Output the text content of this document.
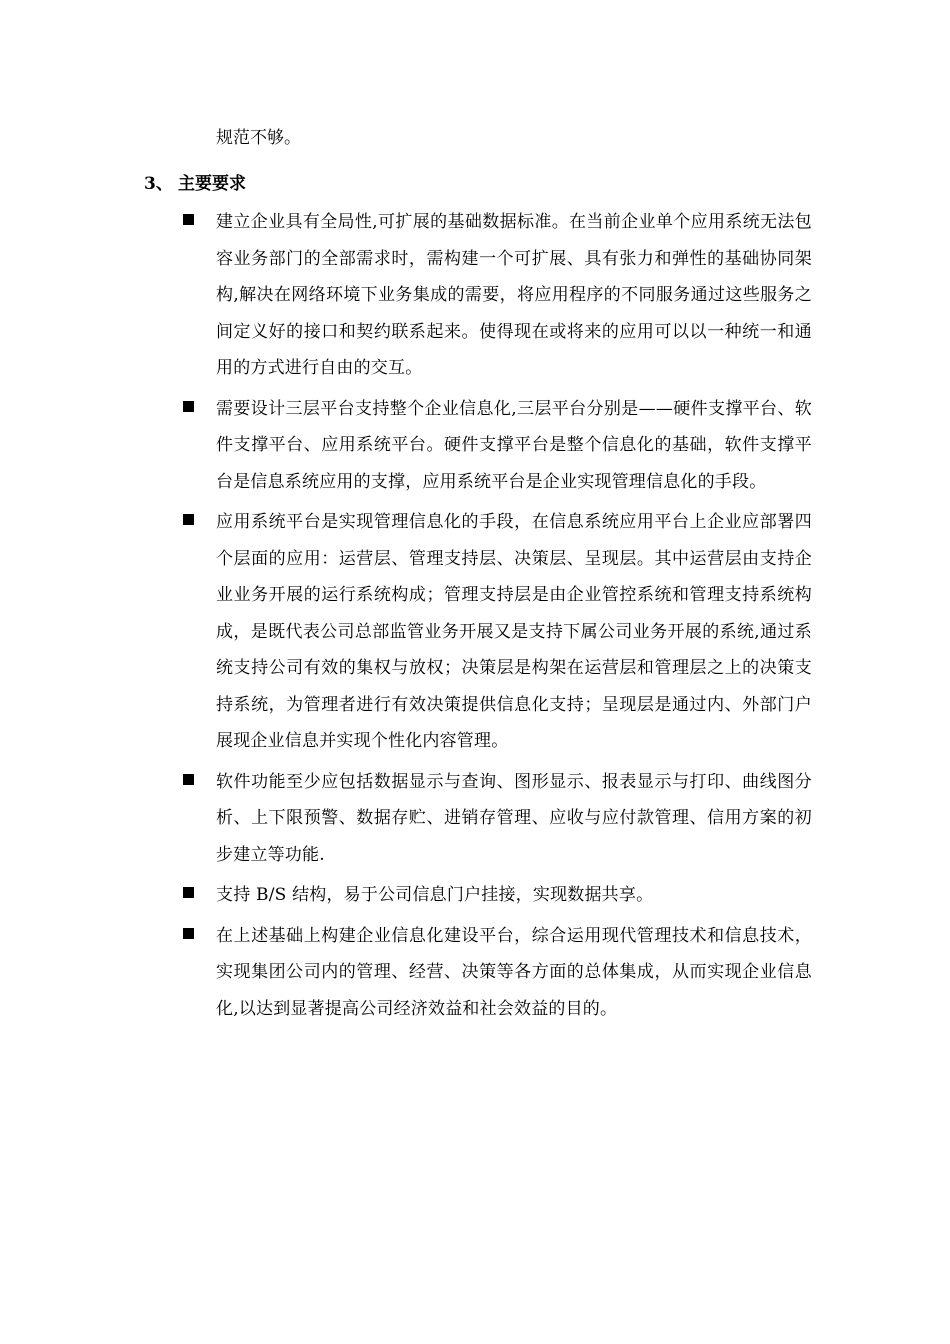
规范不够。
3、 主要要求
建立企业具有全局性,可扩展的基础数据标准。在当前企业单个应用系统无法包容业务部门的全部需求时，需构建一个可扩展、具有张力和弹性的基础协同架构,解决在网络环境下业务集成的需要，将应用程序的不同服务通过这些服务之间定义好的接口和契约联系起来。使得现在或将来的应用可以以一种统一和通用的方式进行自由的交互。
需要设计三层平台支持整个企业信息化,三层平台分别是——硬件支撑平台、软件支撑平台、应用系统平台。硬件支撑平台是整个信息化的基础，软件支撑平台是信息系统应用的支撑，应用系统平台是企业实现管理信息化的手段。
应用系统平台是实现管理信息化的手段，在信息系统应用平台上企业应部署四个层面的应用：运营层、管理支持层、决策层、呈现层。其中运营层由支持企业业务开展的运行系统构成；管理支持层是由企业管控系统和管理支持系统构成，是既代表公司总部监管业务开展又是支持下属公司业务开展的系统,通过系统支持公司有效的集权与放权；决策层是构架在运营层和管理层之上的决策支持系统，为管理者进行有效决策提供信息化支持；呈现层是通过内、外部门户展现企业信息并实现个性化内容管理。
软件功能至少应包括数据显示与查询、图形显示、报表显示与打印、曲线图分析、上下限预警、数据存贮、进销存管理、应收与应付款管理、信用方案的初步建立等功能.
支持 B/S 结构，易于公司信息门户挂接，实现数据共享。
在上述基础上构建企业信息化建设平台，综合运用现代管理技术和信息技术，实现集团公司内的管理、经营、决策等各方面的总体集成，从而实现企业信息化,以达到显著提高公司经济效益和社会效益的目的。
